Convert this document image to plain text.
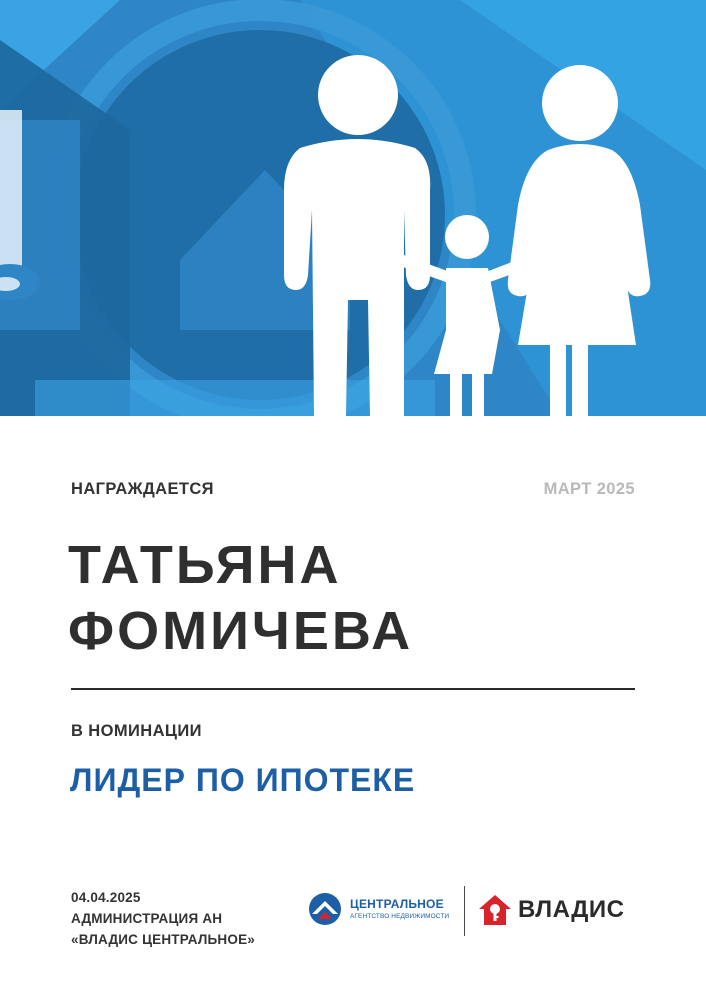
НАГРАЖДАЕТСЯ	МАРТ 2025
ТАТЬЯНА
ФОМИЧЕВА
В НОМИНАЦИИ
ЛИДЕР ПО ИПОТЕКЕ
04.04.2025
АДМИНИСТРАЦИЯ АН
«ВЛАДИС ЦЕНТРАЛЬНОЕ»
ЦЕНТРАЛЬНОЕ
АГЕНТСТВО НЕДВИЖИМОСТИ	ВЛАДИС
